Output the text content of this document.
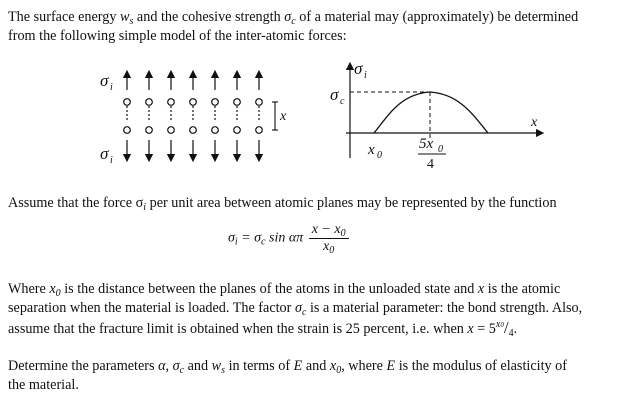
The surface energy $w_s$ and the cohesive strength $\sigma_c$ of a material may (approximately) be determined
from the following simple model of the inter-atomic forces:
σ i
σ i
x
σ i
σ c
x
x 0
5x 0
4
Assume that the force $\sigma_i$ per unit area between atomic planes may be represented by the function
$\sigma_i = \sigma_c$ sin απ $\frac{x - x_0}{x_0}$
Where $x_0$ is the distance between the planes of the atoms in the unloaded state and x is the atomic
separation when the material is loaded. The factor $\sigma_c$ is a material parameter: the bond strength. Also,
assume that the fracture limit is obtained when the strain is 25 percent, i.e. when $x = 5^{x0}/_4$.
Determine the parameters α, $\sigma_c$ and $w_s$ in terms of E and $x_0$, where E is the modulus of elasticity of
the material.
